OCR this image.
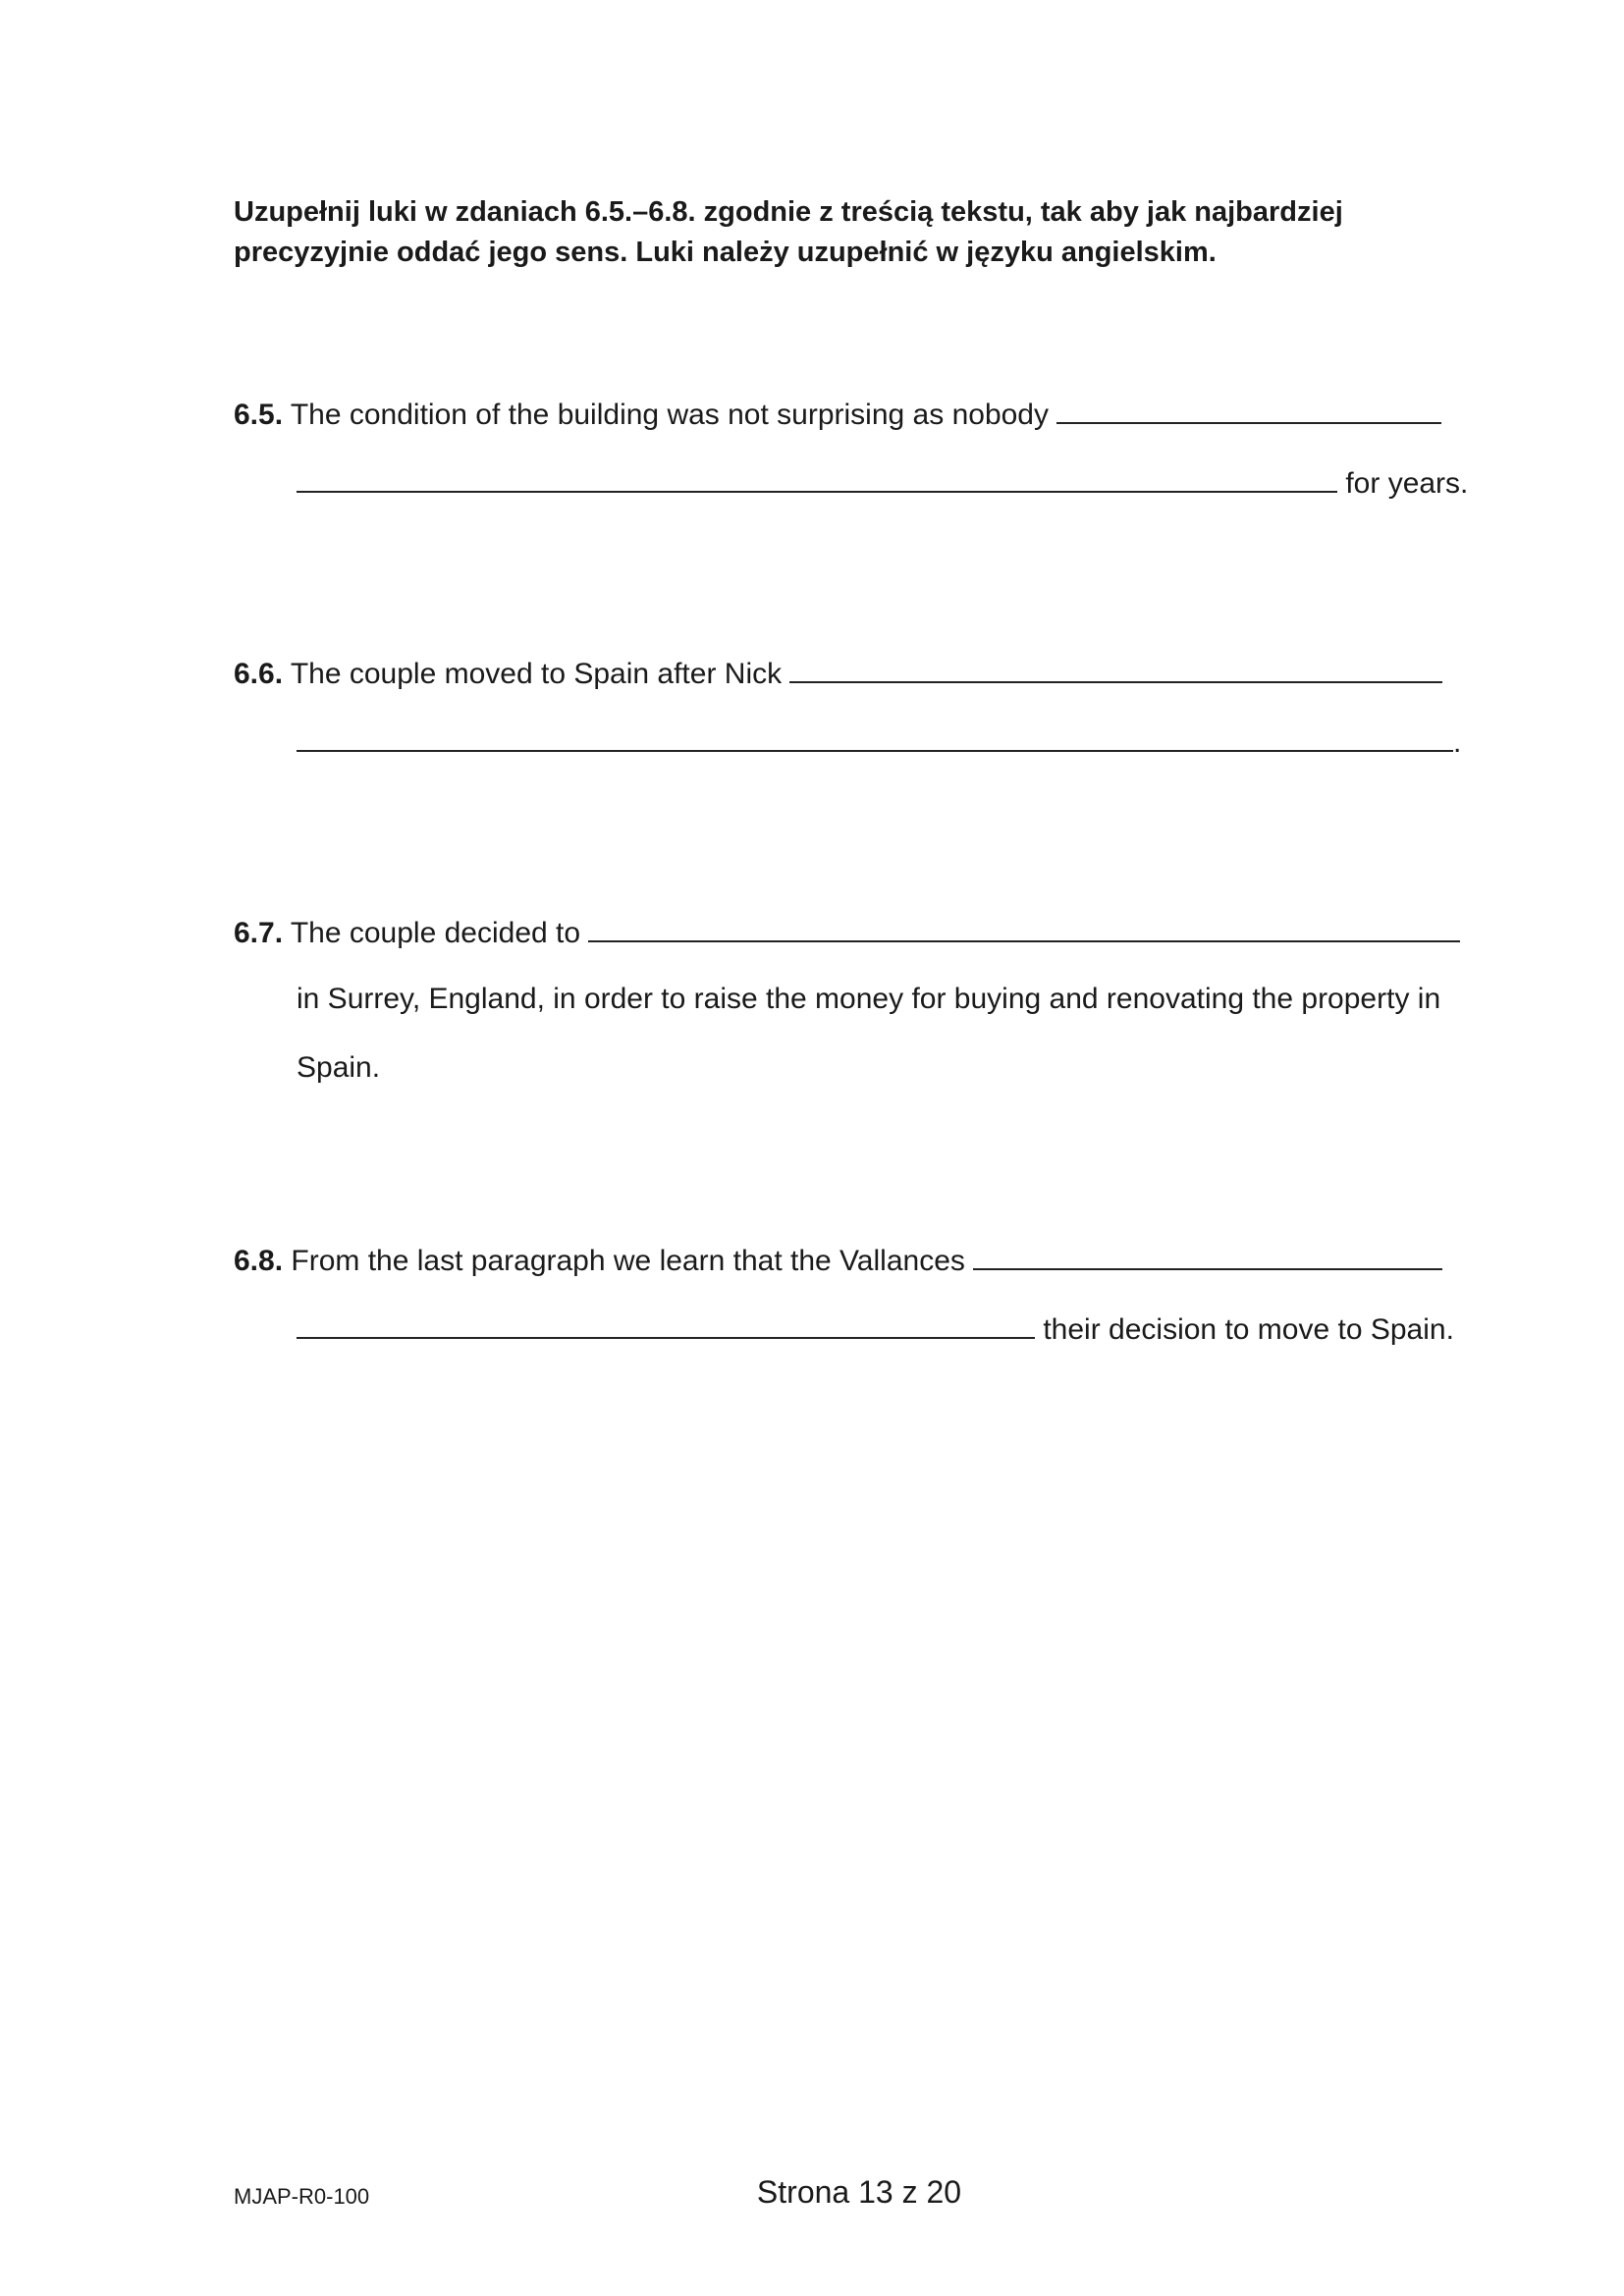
Uzupełnij luki w zdaniach 6.5.–6.8. zgodnie z treścią tekstu, tak aby jak najbardziej
precyzyjnie oddać jego sens. Luki należy uzupełnić w języku angielskim.
6.5. The condition of the building was not surprising as nobody
for years.
6.6. The couple moved to Spain after Nick
.
6.7. The couple decided to
in Surrey, England, in order to raise the money for buying and renovating the property in
Spain.
6.8. From the last paragraph we learn that the Vallances
their decision to move to Spain.
MJAP-R0-100	Strona 13 z 20
